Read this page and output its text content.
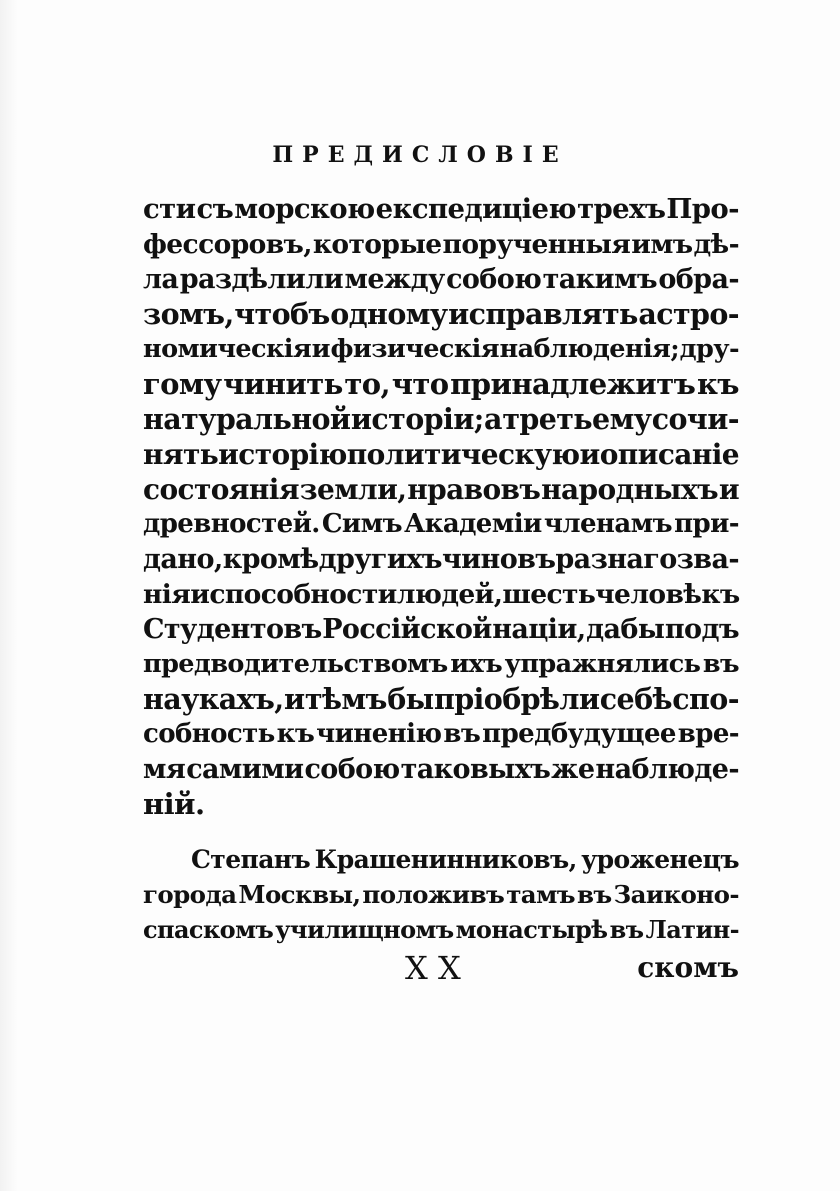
ПРЕДИСЛОВІЕ
сти съ морскою експедиціею трехъ Про-
фессоровъ, которые порученныя имъ дѣ-
ла раздѣлили между собою такимъ обра-
зомъ, чтобъ одному исправлять астро-
номическія и физическія наблюденія; дру-
гому чинить то, что принадлежитъ къ
натуральной исторіи; а третьему сочи-
нять исторію политическую и описаніе
состоянія земли, нравовъ народныхъ и
древностей. Симъ Академіи членамъ при-
дано, кромѣ другихъ чиновъ разнаго зва-
нія и способности людей, шесть человѣкъ
Студентовъ Россійской націи, дабы подъ
предводительствомъ ихъ упражнялись въ
наукахъ, и тѣмъ бы пріобрѣли себѣ спо-
собность къ чиненію въ предбудущее вре-
мя самими собою таковыхъ же наблюде-
ній.
Степанъ Крашенинниковъ, уроженецъ
города Москвы, положивъ тамъ въ Заиконо-
спаскомъ училищномъ монастырѣ въ Латин-
X X	скомъ
